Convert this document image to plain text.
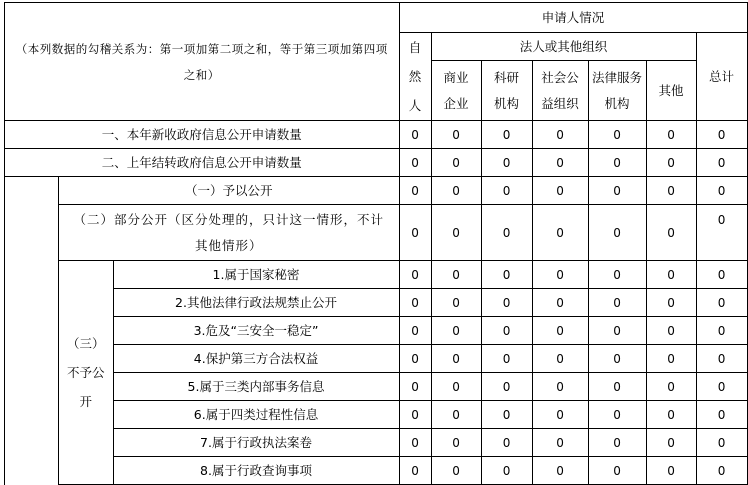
（本列数据的勾稽关系为：第一项加第二项之和，等于第三项加第四项之和）			申请人情况						
			自然人	法人或其他组织					总计
				商业企业	科研机构	社会公益组织	法律服务机构	其他	

一、本年新收政府信息公开申请数量			0	0	0	0	0	0	0
二、上年结转政府信息公开申请数量			0	0	0	0	0	0	0
	（一）予以公开		0	0	0	0	0	0	0
	（二）部分公开（区分处理的，只计这一情形，不计其他情形）		0	0	0	0	0	0	0
	（三）不予公开	1.属于国家秘密	0	0	0	0	0	0	0
		2.其他法律行政法规禁止公开	0	0	0	0	0	0	0
		3.危及“三安全一稳定”	0	0	0	0	0	0	0
		4.保护第三方合法权益	0	0	0	0	0	0	0
		5.属于三类内部事务信息	0	0	0	0	0	0	0
		6.属于四类过程性信息	0	0	0	0	0	0	0
		7.属于行政执法案卷	0	0	0	0	0	0	0
		8.属于行政查询事项	0	0	0	0	0	0	0
